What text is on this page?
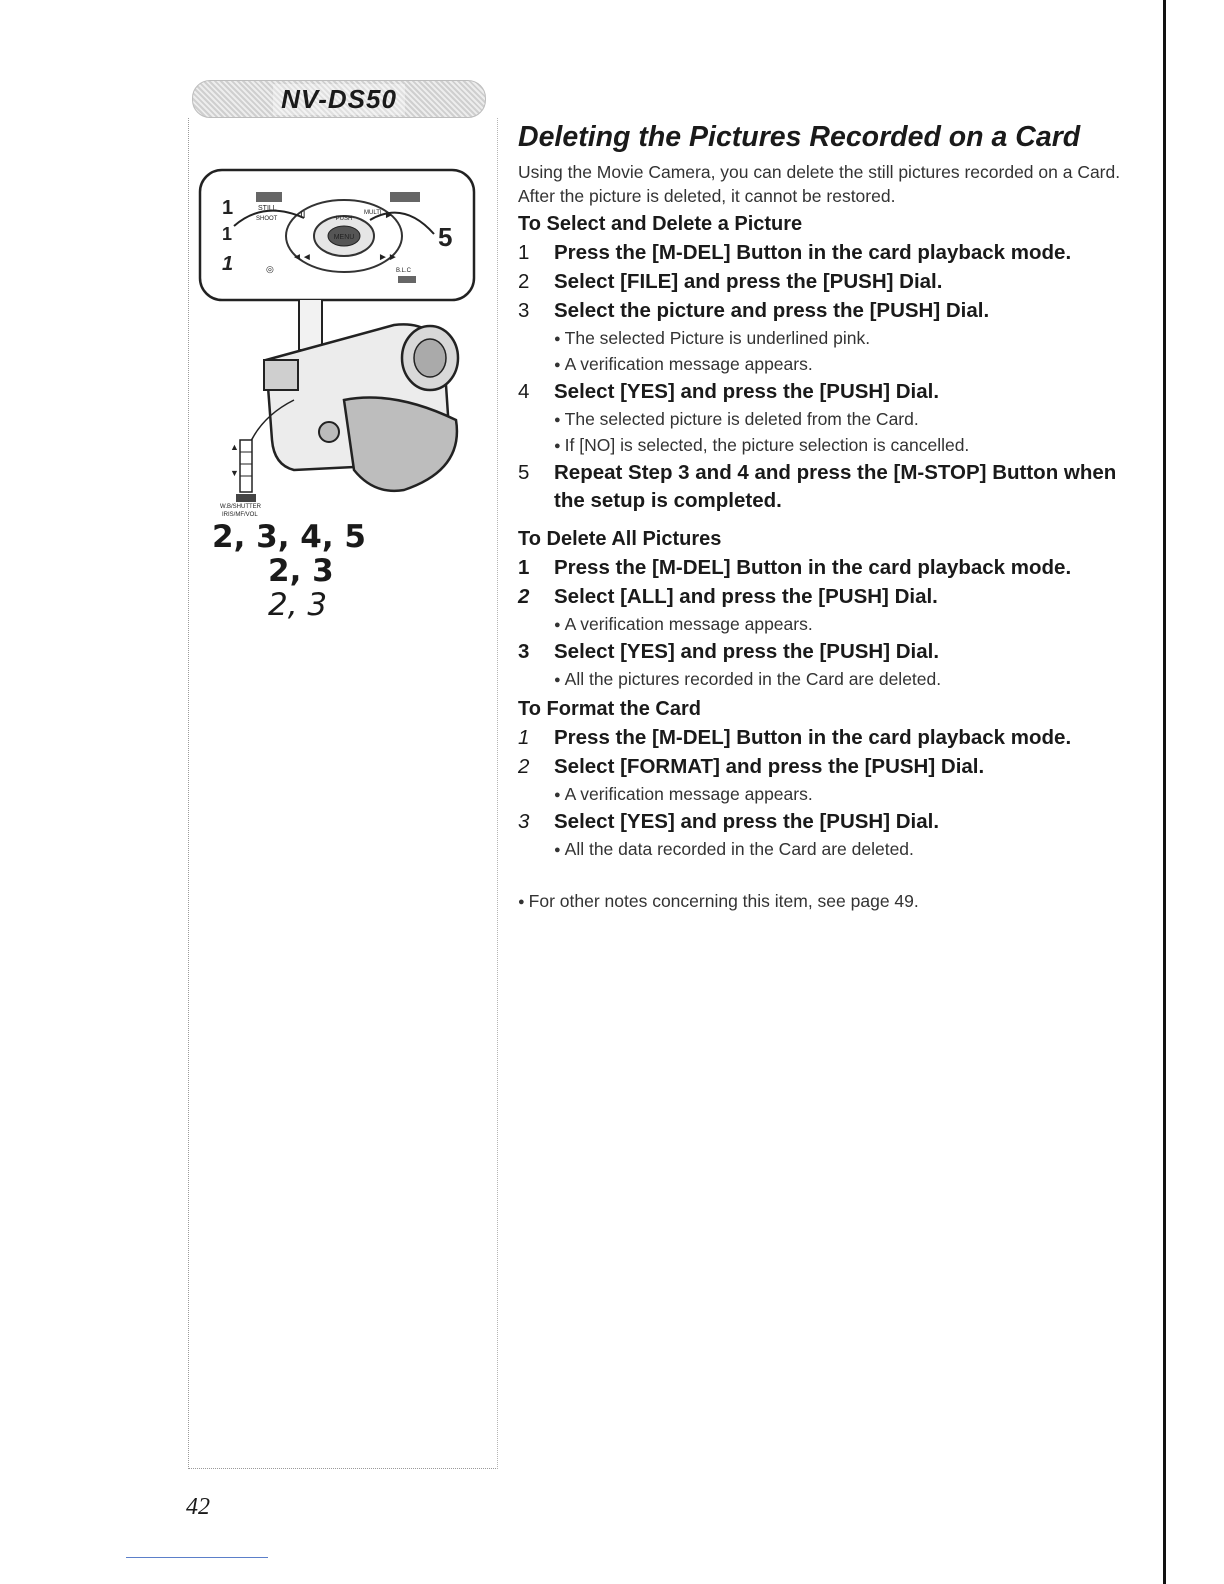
NV-DS50
MENU
PUSH
STILL
SHOOT
MULTI
◄◄	►►
II	►
◎	B.L.C
1
1
1
5
▲
▼
W.B/SHUTTER
IRIS/MF/VOL
2, 3, 4, 5
2, 3
2, 3
42
Deleting the Pictures Recorded on a Card

Using the Movie Camera, you can delete the still pictures recorded on a Card. After the picture is deleted, it cannot be restored.

To Select and Delete a Picture
1	Press the [M-DEL] Button in the card playback mode.
2	Select [FILE] and press the [PUSH] Dial.
3	Select the picture and press the [PUSH] Dial.
● The selected Picture is underlined pink.
● A verification message appears.
4	Select [YES] and press the [PUSH] Dial.
● The selected picture is deleted from the Card.
● If [NO] is selected, the picture selection is cancelled.
5	Repeat Step 3 and 4 and press the [M-STOP] Button when the setup is completed.
To Delete All Pictures
1	Press the [M-DEL] Button in the card playback mode.
2	Select [ALL] and press the [PUSH] Dial.
● A verification message appears.
3	Select [YES] and press the [PUSH] Dial.
● All the pictures recorded in the Card are deleted.
To Format the Card
1	Press the [M-DEL] Button in the card playback mode.
2	Select [FORMAT] and press the [PUSH] Dial.
● A verification message appears.
3	Select [YES] and press the [PUSH] Dial.
● All the data recorded in the Card are deleted.
● For other notes concerning this item, see page 49.
